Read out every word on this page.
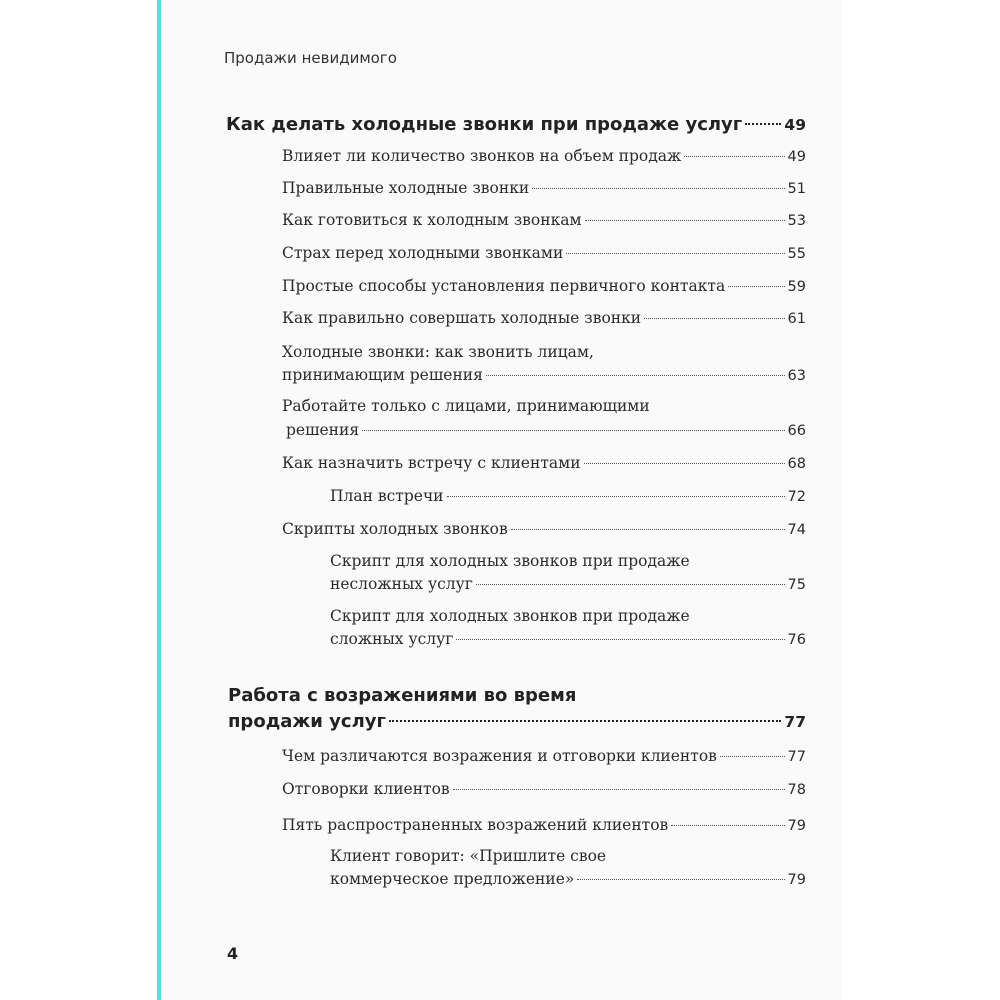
Продажи невидимого
Как делать холодные звонки при продаже услуг	49
Влияет ли количество звонков на объем продаж	49
Правильные холодные звонки	51
Как готовиться к холодным звонкам	53
Страх перед холодными звонками	55
Простые способы установления первичного контакта	59
Как правильно совершать холодные звонки	61
Холодные звонки: как звонить лицам,
принимающим решения	63
Работайте только с лицами, принимающими
решения	66
Как назначить встречу с клиентами	68
План встречи	72
Скрипты холодных звонков	74
Скрипт для холодных звонков при продаже
несложных услуг	75
Скрипт для холодных звонков при продаже
сложных услуг	76
Работа с возражениями во время
продажи услуг	77
Чем различаются возражения и отговорки клиентов	77
Отговорки клиентов	78
Пять распространенных возражений клиентов	79
Клиент говорит: «Пришлите свое
коммерческое предложение»	79
4
